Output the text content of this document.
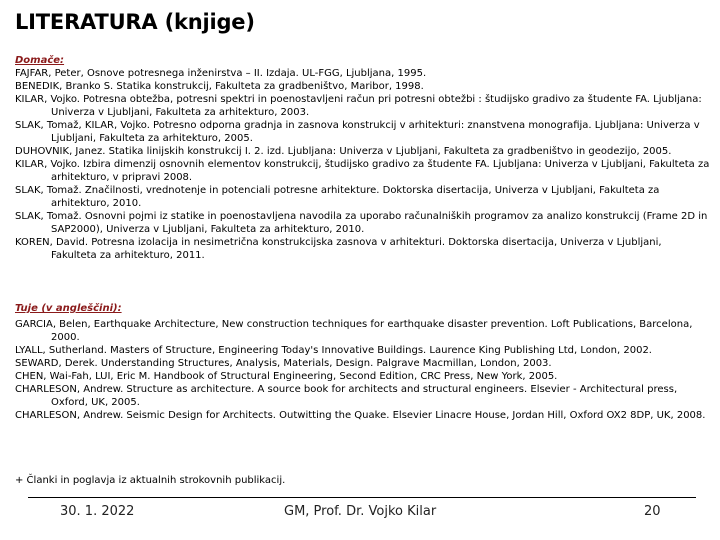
LITERATURA (knjige)
Domače:
FAJFAR, Peter, Osnove potresnega inženirstva – II. Izdaja. UL-FGG, Ljubljana, 1995.
BENEDIK, Branko S. Statika konstrukcij, Fakulteta za gradbeništvo, Maribor, 1998.
KILAR, Vojko. Potresna obtežba, potresni spektri in poenostavljeni račun pri potresni obtežbi : študijsko gradivo za študente FA. Ljubljana: Univerza v Ljubljani, Fakulteta za arhitekturo, 2003.
SLAK, Tomaž, KILAR, Vojko. Potresno odporna gradnja in zasnova konstrukcij v arhitekturi: znanstvena monografija. Ljubljana: Univerza v Ljubljani, Fakulteta za arhitekturo, 2005.
DUHOVNIK, Janez. Statika linijskih konstrukcij I. 2. izd. Ljubljana: Univerza v Ljubljani, Fakulteta za gradbeništvo in geodezijo, 2005.
KILAR, Vojko. Izbira dimenzij osnovnih elementov konstrukcij, študijsko gradivo za študente FA. Ljubljana: Univerza v Ljubljani, Fakulteta za arhitekturo, v pripravi 2008.
SLAK, Tomaž. Značilnosti, vrednotenje in potenciali potresne arhitekture. Doktorska disertacija, Univerza v Ljubljani, Fakulteta za arhitekturo, 2010.
SLAK, Tomaž. Osnovni pojmi iz statike in poenostavljena navodila za uporabo računalniških programov za analizo konstrukcij (Frame 2D in SAP2000), Univerza v Ljubljani, Fakulteta za arhitekturo, 2010.
KOREN, David. Potresna izolacija in nesimetrična konstrukcijska zasnova v arhitekturi. Doktorska disertacija, Univerza v Ljubljani, Fakulteta za arhitekturo, 2011.
Tuje (v angleščini):
GARCIA, Belen, Earthquake Architecture, New construction techniques for earthquake disaster prevention. Loft Publications, Barcelona, 2000.
LYALL, Sutherland. Masters of Structure, Engineering Today's Innovative Buildings. Laurence King Publishing Ltd, London, 2002.
SEWARD, Derek. Understanding Structures, Analysis, Materials, Design. Palgrave Macmillan, London, 2003.
CHEN, Wai-Fah, LUI, Eric M. Handbook of Structural Engineering, Second Edition, CRC Press, New York, 2005.
CHARLESON, Andrew. Structure as architecture. A source book for architects and structural engineers. Elsevier - Architectural press, Oxford, UK, 2005.
CHARLESON, Andrew. Seismic Design for Architects. Outwitting the Quake. Elsevier Linacre House, Jordan Hill, Oxford OX2 8DP, UK, 2008.
+ Članki in poglavja iz aktualnih strokovnih publikacij.
30. 1. 2022	GM, Prof. Dr. Vojko Kilar	20
